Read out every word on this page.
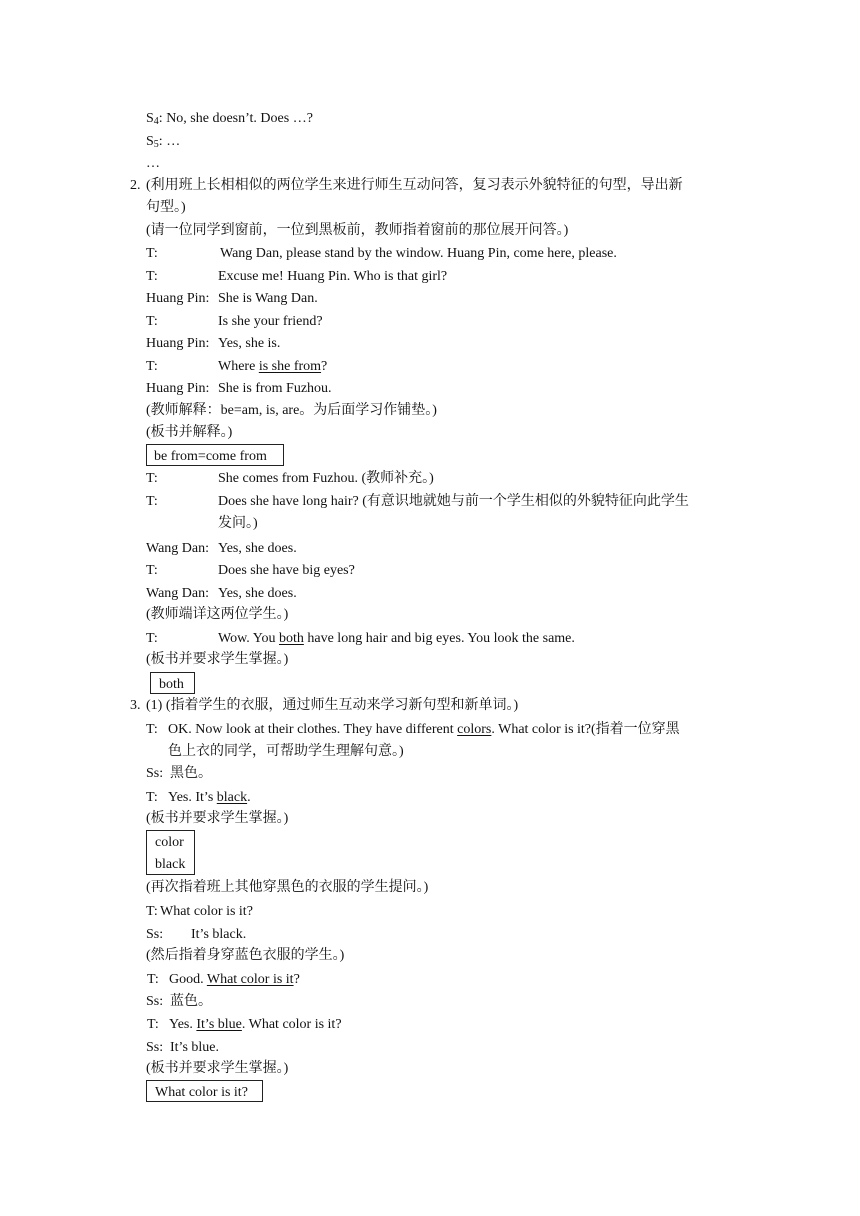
$S_4$: No, she doesn’t. Does …?
$S_5$: …
…
2. (利用班上长相相似的两位学生来进行师生互动问答，复习表示外貌特征的句型，导出新
句型。)
(请一位同学到窗前，一位到黑板前，教师指着窗前的那位展开问答。)
T:	Wang Dan, please stand by the window. Huang Pin, come here, please.
T:	Excuse me! Huang Pin. Who is that girl?
Huang Pin: She is Wang Dan.
T:	Is she your friend?
Huang Pin: Yes, she is.
T:	Where is she from?
Huang Pin: She is from Fuzhou.
(教师解释：be=am, is, are。为后面学习作铺垫。)
(板书并解释。)
be from=come from
T:	She comes from Fuzhou. (教师补充。)
T:	Does she have long hair? (有意识地就她与前一个学生相似的外貌特征向此学生
发问。)
Wang Dan: Yes, she does.
T:	Does she have big eyes?
Wang Dan: Yes, she does.
(教师端详这两位学生。)
T:	Wow. You both have long hair and big eyes. You look the same.
(板书并要求学生掌握。)
both
3. (1) (指着学生的衣服，通过师生互动来学习新句型和新单词。)
T: OK. Now look at their clothes. They have different colors. What color is it?(指着一位穿黑
色上衣的同学，可帮助学生理解句意。)
Ss: 黑色。
T: Yes. It’s black.
(板书并要求学生掌握。)
color
black
(再次指着班上其他穿黑色的衣服的学生提问。)
T: What color is it?
Ss: It’s black.
(然后指着身穿蓝色衣服的学生。)
T: Good. What color is it?
Ss: 蓝色。
T: Yes. It’s blue. What color is it?
Ss: It’s blue.
(板书并要求学生掌握。)
What color is it?
